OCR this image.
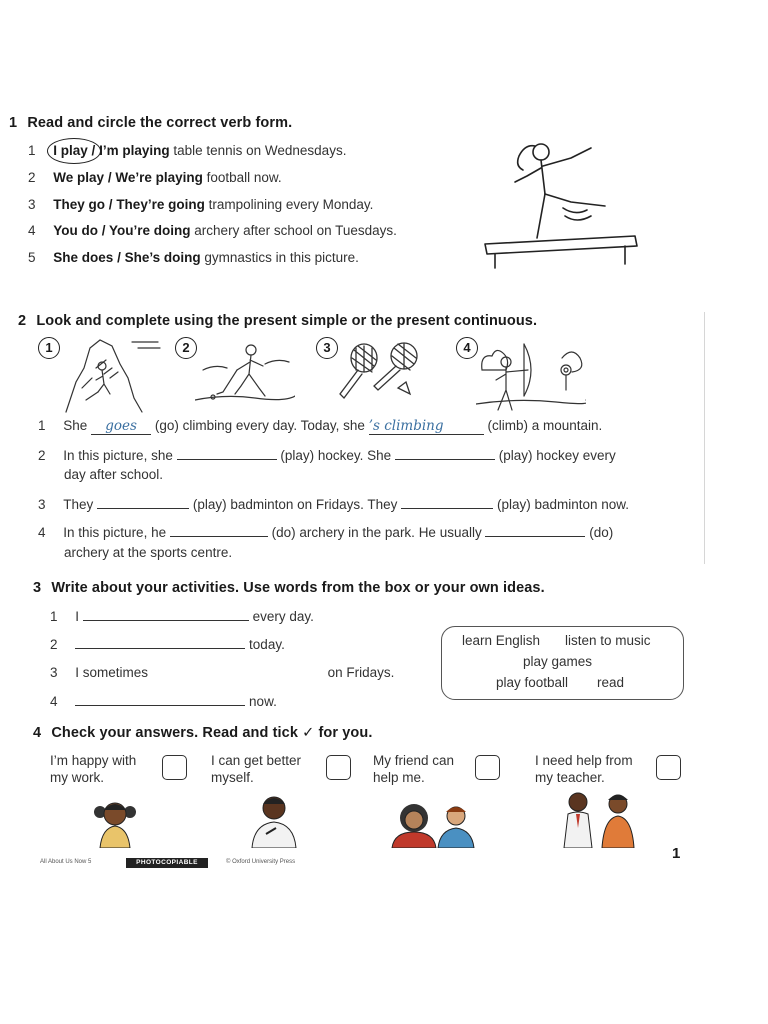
1 Read and circle the correct verb form.
1 I play / I’m playing table tennis on Wednesdays.
2 We play / We’re playing football now.
3 They go / They’re going trampolining every Monday.
4 You do / You’re doing archery after school on Tuesdays.
5 She does / She’s doing gymnastics in this picture.
2 Look and complete using the present simple or the present continuous.
1	2	3	4
1 She goes (go) climbing every day. Today, she ’s climbing	(climb) a mountain.
2 In this picture, she	(play) hockey. She	(play) hockey every
day after school.
3 They	(play) badminton on Fridays. They	(play) badminton now.
4 In this picture, he	(do) archery in the park. He usually	(do)
archery at the sports centre.
3 Write about your activities. Use words from the box or your own ideas.
1 I	every day.
2	today.
3 I sometimes	on Fridays.
4	now.
learn English listen to music
play games
play football read
4 Check your answers. Read and tick ✓ for you.
I’m happy with
my work.
I can get better
myself.
My friend can
help me.
I need help from
my teacher.
All About Us Now 5	PHOTOCOPIABLE	© Oxford University Press	1
